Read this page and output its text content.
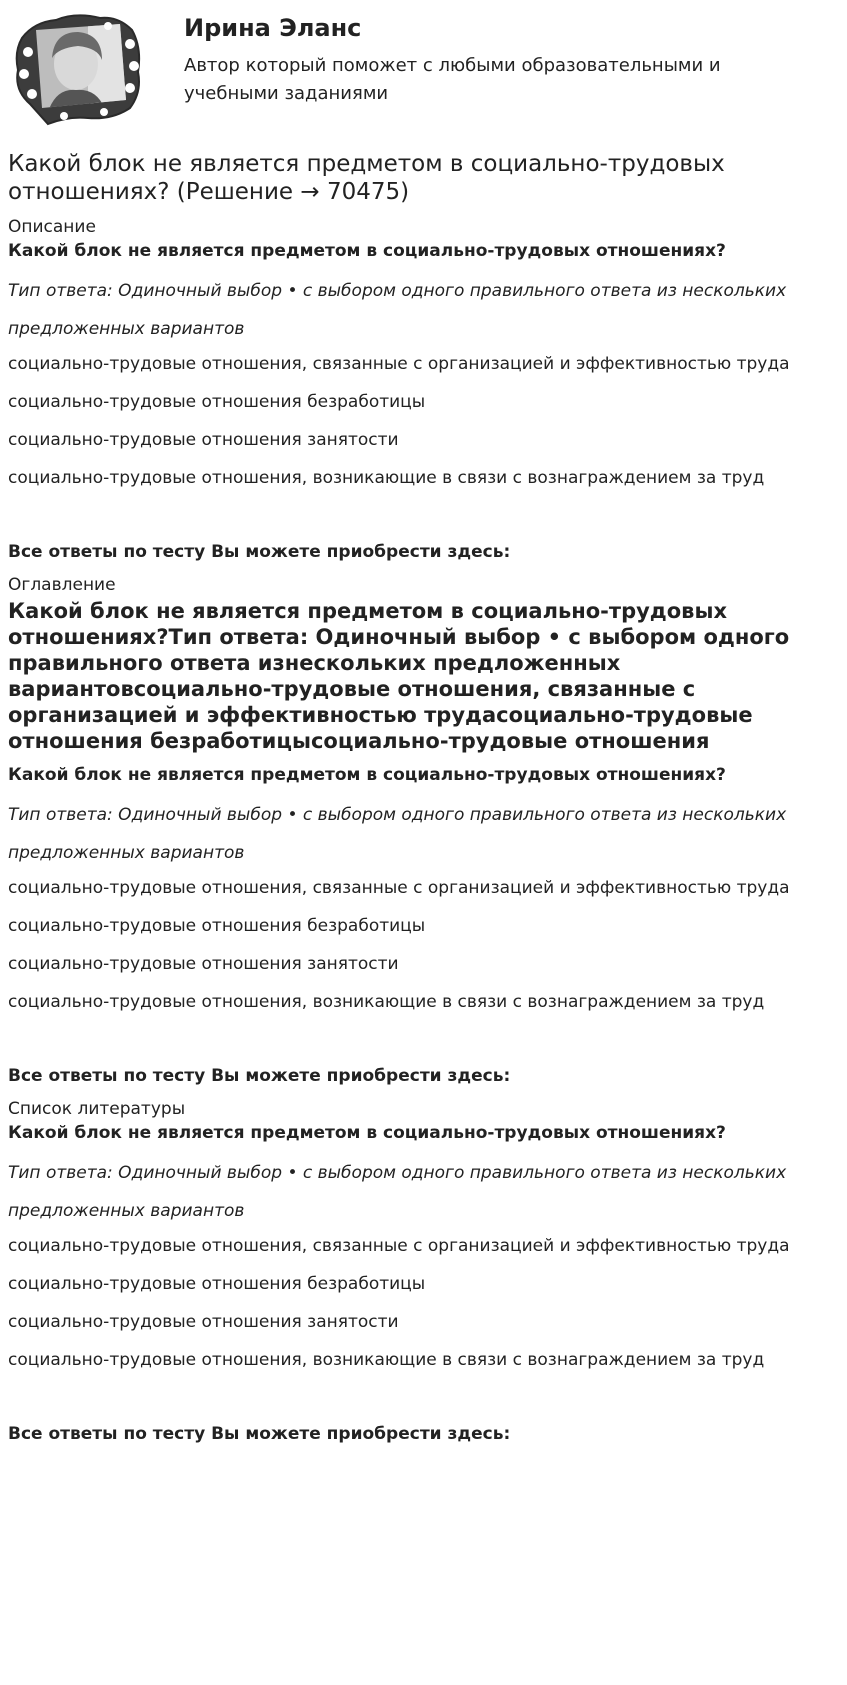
Ирина Эланс

Автор который поможет с любыми образовательными и учебными заданиями

Какой блок не является предметом в социально-трудовых отношениях? (Решение → 70475)

Описание

Какой блок не является предметом в социально-трудовых отношениях?

Тип ответа: Одиночный выбор • с выбором одного правильного ответа из нескольких предложенных вариантов

социально-трудовые отношения, связанные с организацией и эффективностью труда

социально-трудовые отношения безработицы

социально-трудовые отношения занятости

социально-трудовые отношения, возникающие в связи с вознаграждением за труд

Все ответы по тесту Вы можете приобрести здесь:

Оглавление

Какой блок не является предметом в социально-трудовых отношениях?Тип ответа: Одиночный выбор • с выбором одного правильного ответа изнескольких предложенных вариантовсоциально-трудовые отношения, связанные с организацией и эффективностью трудасоциально-трудовые отношения безработицысоциально-трудовые отношения

Какой блок не является предметом в социально-трудовых отношениях?

Тип ответа: Одиночный выбор • с выбором одного правильного ответа из нескольких предложенных вариантов

социально-трудовые отношения, связанные с организацией и эффективностью труда

социально-трудовые отношения безработицы

социально-трудовые отношения занятости

социально-трудовые отношения, возникающие в связи с вознаграждением за труд

Все ответы по тесту Вы можете приобрести здесь:

Список литературы

Какой блок не является предметом в социально-трудовых отношениях?

Тип ответа: Одиночный выбор • с выбором одного правильного ответа из нескольких предложенных вариантов

социально-трудовые отношения, связанные с организацией и эффективностью труда

социально-трудовые отношения безработицы

социально-трудовые отношения занятости

социально-трудовые отношения, возникающие в связи с вознаграждением за труд

Все ответы по тесту Вы можете приобрести здесь:
